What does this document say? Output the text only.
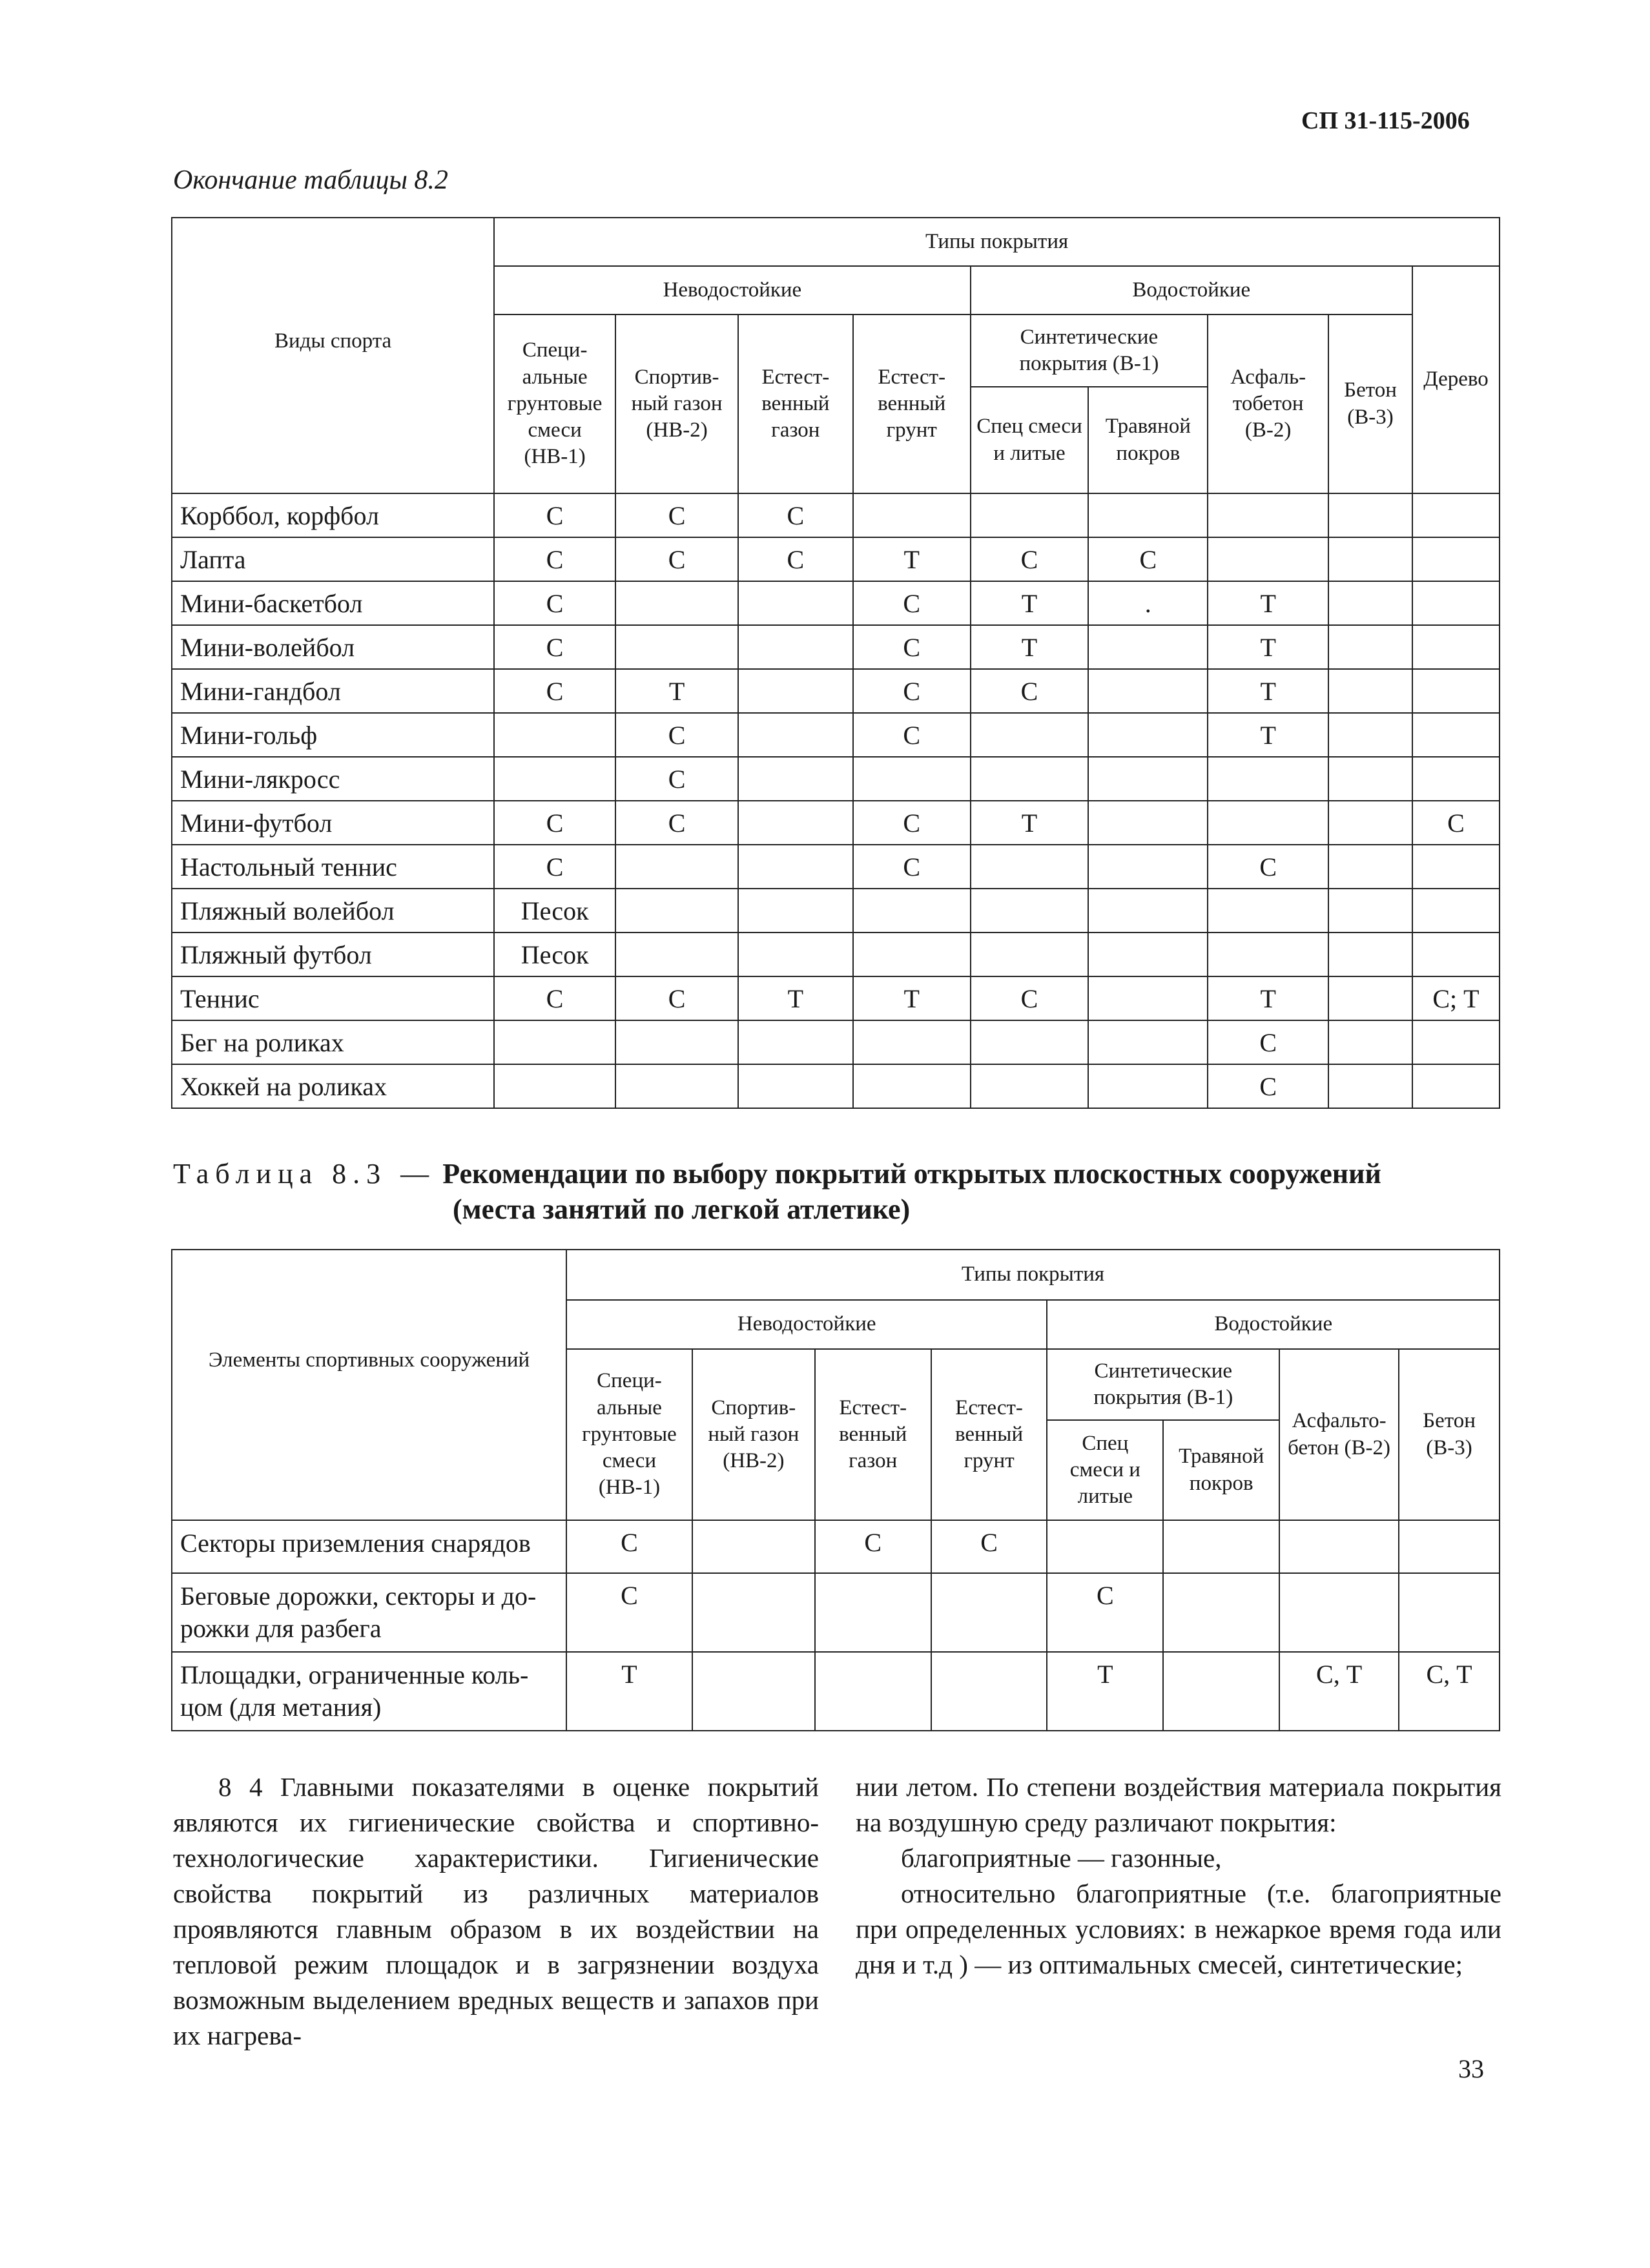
СП 31-115-2006
Окончание таблицы 8.2
Виды спорта	Типы покрытия								
	Неводостойкие				Водостойкие				Дерево
	Специ-альные грунтовые смеси (НВ-1)	Спортив-ный газон (НВ-2)	Естест-венный газон	Естест-венный грунт	Синтетические покрытия (В-1)		Асфаль-тобетон (В-2)	Бетон (В-3)	
					Спец смеси и литые	Травяной покров			
Корббол, корфбол	С	С	С						
Лапта	С	С	С	Т	С	С			
Мини-баскетбол	С			С	Т	.	Т		
Мини-волейбол	С			С	Т		Т		
Мини-гандбол	С	Т		С	С		Т		
Мини-гольф		С		С			Т		
Мини-лякросс		С							
Мини-футбол	С	С		С	Т				С
Настольный теннис	С			С			С		
Пляжный волейбол	Песок								
Пляжный футбол	Песок								
Теннис	С	С	Т	Т	С		Т		С; Т
Бег на роликах							С		
Хоккей на роликах							С		
Таблица 8.3 — Рекомендации по выбору покрытий открытых плоскостных сооружений
(места занятий по легкой атлетике)
Элементы спортивных сооружений	Типы покрытия							
	Неводостойкие				Водостойкие			
	Специ-альные грунтовые смеси (НВ-1)	Спортив-ный газон (НВ-2)	Естест-венный газон	Естест-венный грунт	Синтетические покрытия (В-1)		Асфальто-бетон (В-2)	Бетон (В-3)
					Спец смеси и литые	Травяной покров		
Секторы приземления снарядов	С		С	С				
Беговые дорожки, секторы и до-рожки для разбега	С				С			
Площадки, ограниченные коль-цом (для метания)	Т				Т		С, Т	С, Т

8 4 Главными показателями в оценке покрытий являются их гигиенические свойства и спортивно-технологические характеристики. Гигиенические свойства покрытий из различных материалов проявляются главным образом в их воздействии на тепловой режим площадок и в загрязнении воздуха возможным выделением вредных веществ и запахов при их нагрева-

нии летом. По степени воздействия материала покрытия на воздушную среду различают покрытия:

благоприятные — газонные,

относительно благоприятные (т.е. благоприятные при определенных условиях: в нежаркое время года или дня и т.д ) — из оптимальных смесей, синтетические;

33
